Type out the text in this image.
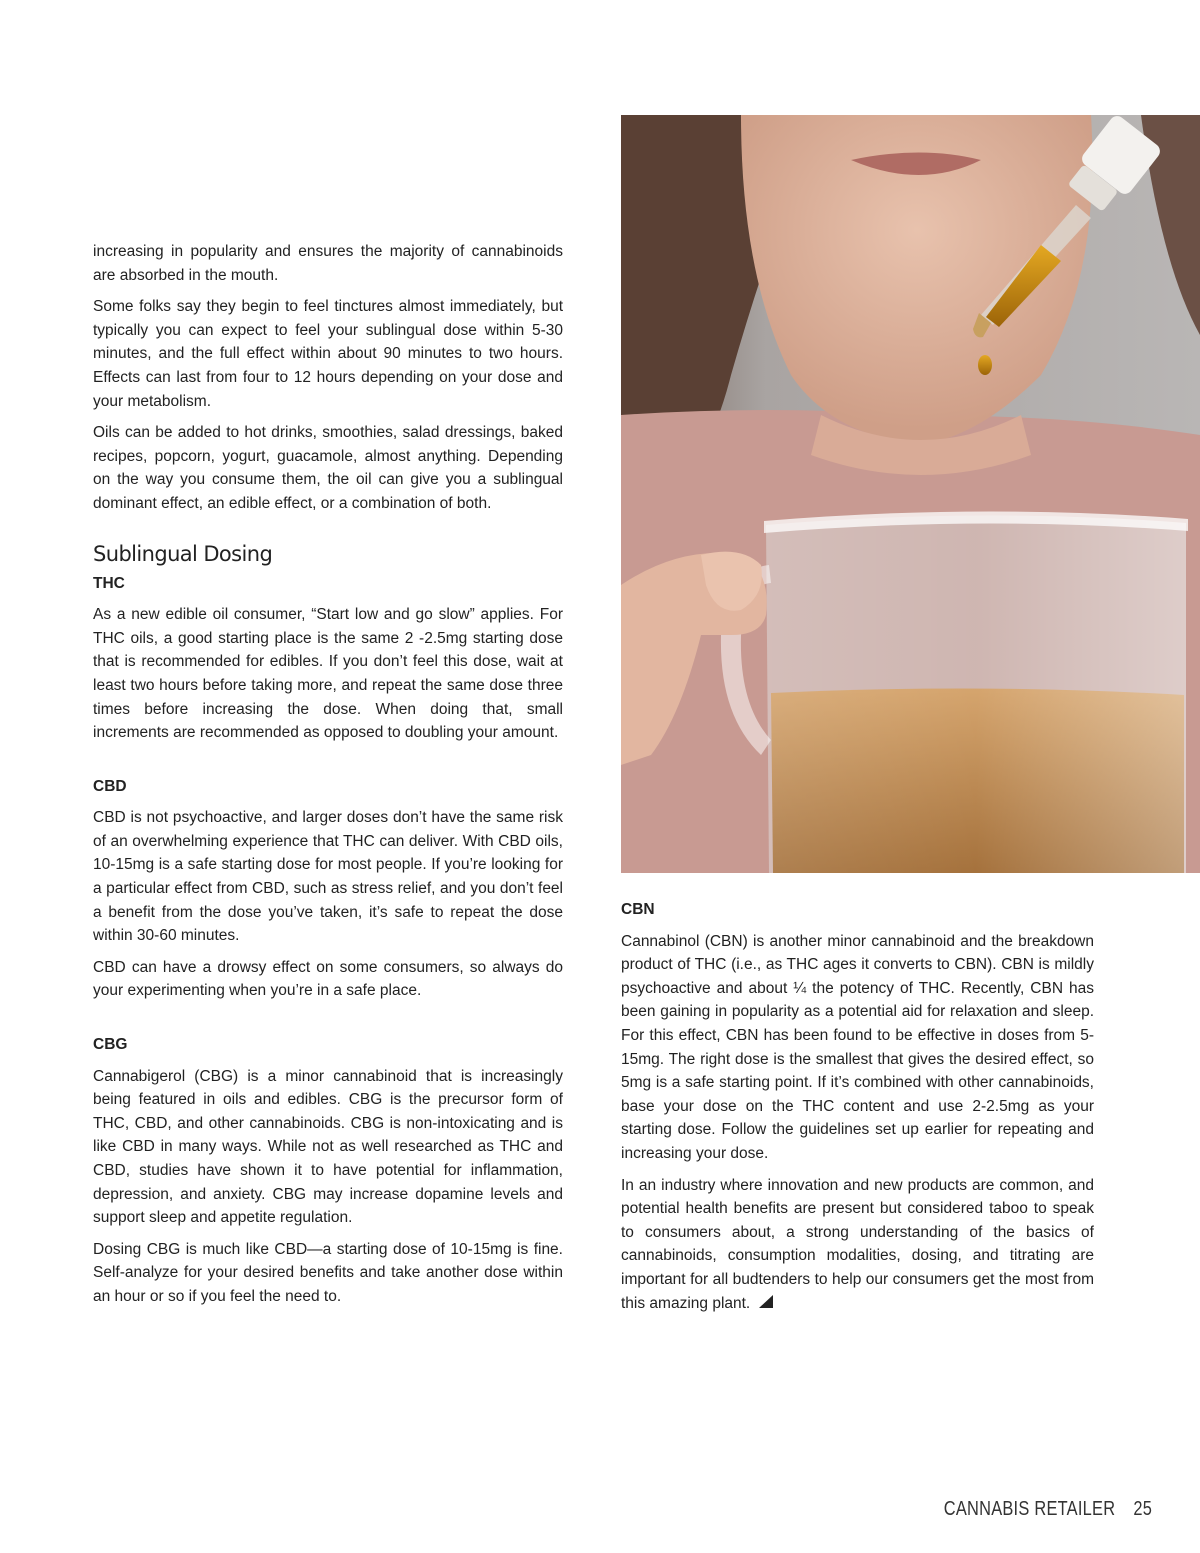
increasing in popularity and ensures the majority of cannabinoids are absorbed in the mouth.

Some folks say they begin to feel tinctures almost immediately, but typically you can expect to feel your sublingual dose within 5-30 minutes, and the full effect within about 90 minutes to two hours. Effects can last from four to 12 hours depending on your dose and your metabolism.

Oils can be added to hot drinks, smoothies, salad dressings, baked recipes, popcorn, yogurt, guacamole, almost anything. Depending on the way you consume them, the oil can give you a sublingual dominant effect, an edible effect, or a combination of both.

Sublingual Dosing
THC

As a new edible oil consumer, “Start low and go slow” applies. For THC oils, a good starting place is the same 2 -2.5mg starting dose that is recommended for edibles. If you don’t feel this dose, wait at least two hours before taking more, and repeat the same dose three times before increasing the dose. When doing that, small increments are recommended as opposed to doubling your amount.

CBD

CBD is not psychoactive, and larger doses don’t have the same risk of an overwhelming experience that THC can deliver. With CBD oils, 10-15mg is a safe starting dose for most people. If you’re looking for a particular effect from CBD, such as stress relief, and you don’t feel a benefit from the dose you’ve taken, it’s safe to repeat the dose within 30-60 minutes.

CBD can have a drowsy effect on some consumers, so always do your experimenting when you’re in a safe place.

CBG

Cannabigerol (CBG) is a minor cannabinoid that is increasingly being featured in oils and edibles. CBG is the precursor form of THC, CBD, and other cannabinoids. CBG is non-intoxicating and is like CBD in many ways. While not as well researched as THC and CBD, studies have shown it to have potential for inflammation, depression, and anxiety. CBG may increase dopamine levels and support sleep and appetite regulation.

Dosing CBG is much like CBD—a starting dose of 10-15mg is fine. Self-analyze for your desired benefits and take another dose within an hour or so if you feel the need to.

CBN

Cannabinol (CBN) is another minor cannabinoid and the breakdown product of THC (i.e., as THC ages it converts to CBN). CBN is mildly psychoactive and about ¼ the potency of THC. Recently, CBN has been gaining in popularity as a potential aid for relaxation and sleep. For this effect, CBN has been found to be effective in doses from 5-15mg. The right dose is the smallest that gives the desired effect, so 5mg is a safe starting point. If it’s combined with other cannabinoids, base your dose on the THC content and use 2-2.5mg as your starting dose. Follow the guidelines set up earlier for repeating and increasing your dose.

In an industry where innovation and new products are common, and potential health benefits are present but considered taboo to speak to consumers about, a strong understanding of the basics of cannabinoids, consumption modalities, dosing, and titrating are important for all budtenders to help our consumers get the most from this amazing plant.

CANNABIS RETAILER 25
